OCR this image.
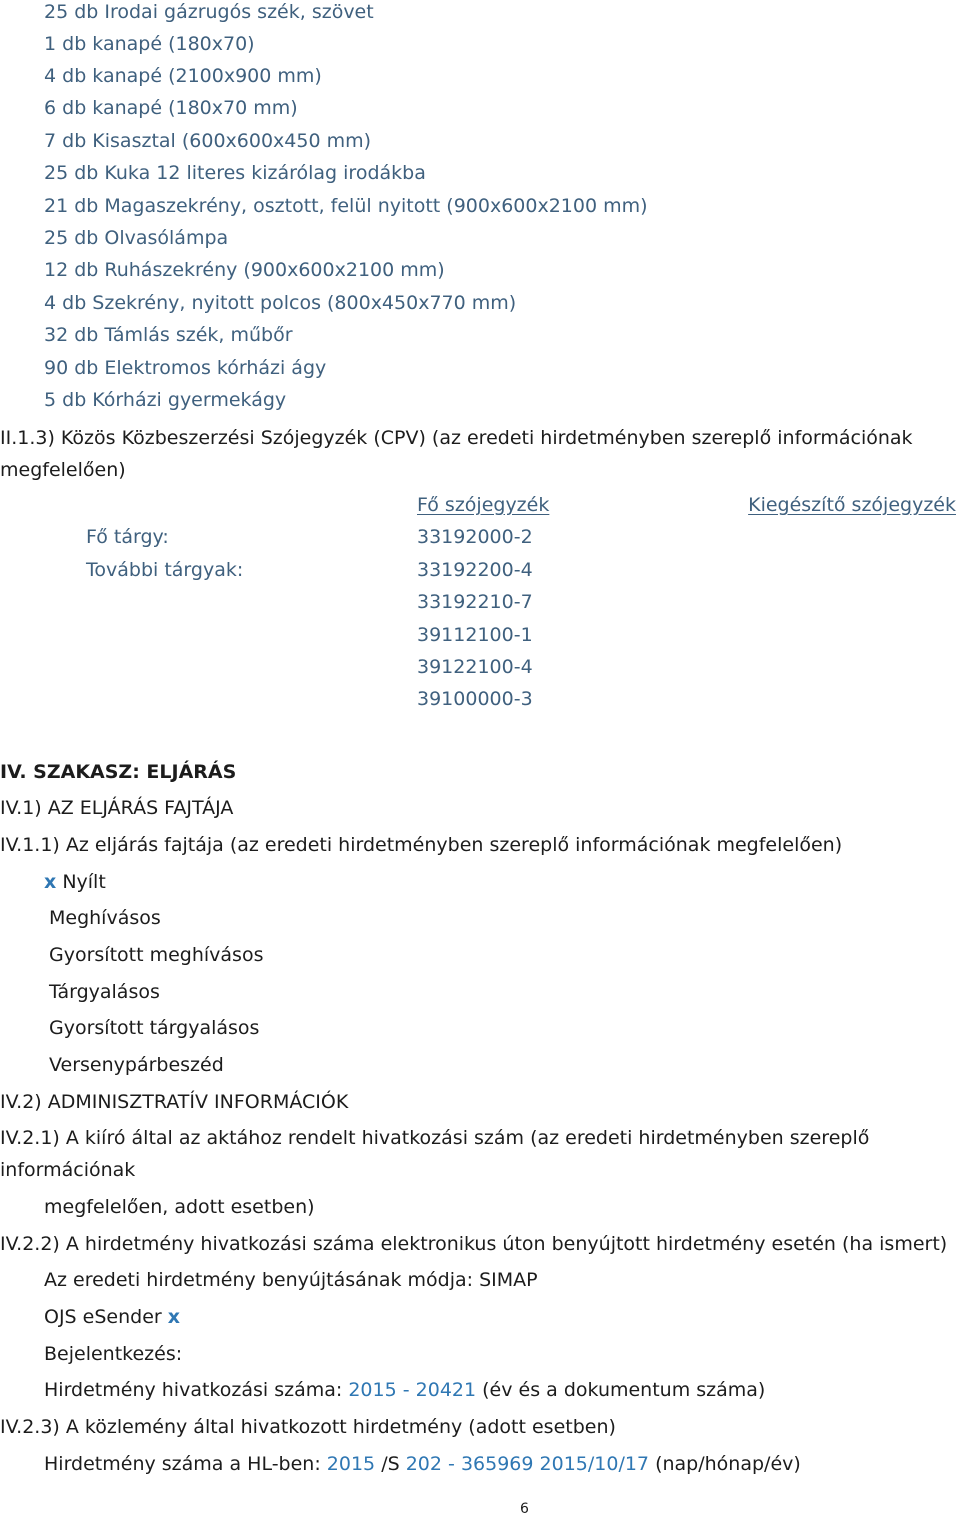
25 db Irodai gázrugós szék, szövet
1 db kanapé (180x70)
4 db kanapé (2100x900 mm)
6 db kanapé (180x70 mm)
7 db Kisasztal (600x600x450 mm)
25 db Kuka 12 literes kizárólag irodákba
21 db Magaszekrény, osztott, felül nyitott (900x600x2100 mm)
25 db Olvasólámpa
12 db Ruhászekrény (900x600x2100 mm)
4 db Szekrény, nyitott polcos (800x450x770 mm)
32 db Támlás szék, műbőr
90 db Elektromos kórházi ágy
5 db Kórházi gyermekágy
II.1.3) Közös Közbeszerzési Szójegyzék (CPV) (az eredeti hirdetményben szereplő információnak
megfelelően)
Fő szójegyzék	Kiegészítő szójegyzék
Fő tárgy:	33192000-2
További tárgyak:	33192200-4
33192210-7
39112100-1
39122100-4
39100000-3
IV. SZAKASZ: ELJÁRÁS
IV.1) AZ ELJÁRÁS FAJTÁJA
IV.1.1) Az eljárás fajtája (az eredeti hirdetményben szereplő információnak megfelelően)
x Nyílt
Meghívásos
Gyorsított meghívásos
Tárgyalásos
Gyorsított tárgyalásos
Versenypárbeszéd
IV.2) ADMINISZTRATÍV INFORMÁCIÓK
IV.2.1) A kiíró által az aktához rendelt hivatkozási szám (az eredeti hirdetményben szereplő
információnak
megfelelően, adott esetben)
IV.2.2) A hirdetmény hivatkozási száma elektronikus úton benyújtott hirdetmény esetén (ha ismert)
Az eredeti hirdetmény benyújtásának módja: SIMAP
OJS eSender x
Bejelentkezés:
Hirdetmény hivatkozási száma: 2015 - 20421 (év és a dokumentum száma)
IV.2.3) A közlemény által hivatkozott hirdetmény (adott esetben)
Hirdetmény száma a HL-ben: 2015 /S 202 - 365969 2015/10/17 (nap/hónap/év)
6
